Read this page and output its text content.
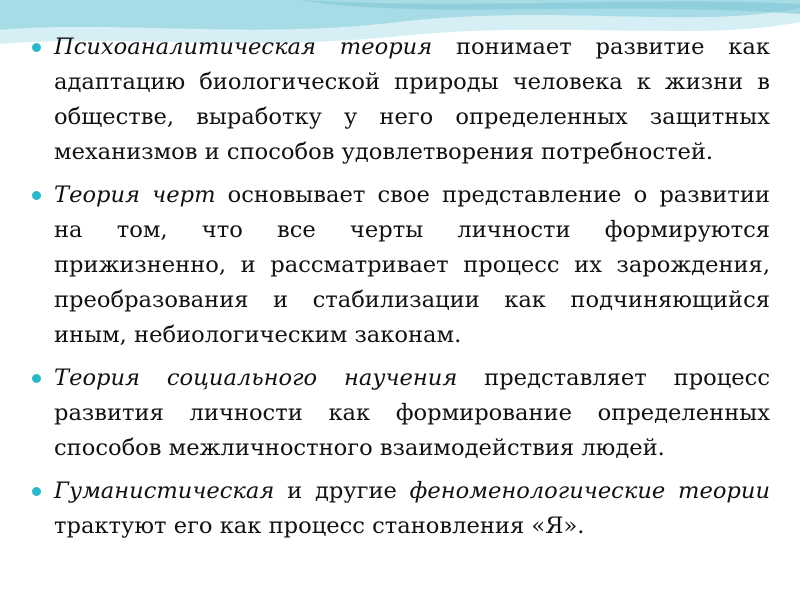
Психоаналитическая теория понимает развитие как адаптацию биологической природы человека к жизни в обществе, выработку у него определенных защитных механизмов и способов удовлетворения потребностей.
Теория черт основывает свое представление о развитии на том, что все черты личности формируются прижизненно, и рассматривает процесс их зарождения, преобразования и стабилизации как подчиняющийся иным, небиологическим законам.
Теория социального научения представляет процесс развития личности как формирование определенных способов межличностного взаимодействия людей.
Гуманистическая и другие феноменологические теории трактуют его как процесс становления «Я».
